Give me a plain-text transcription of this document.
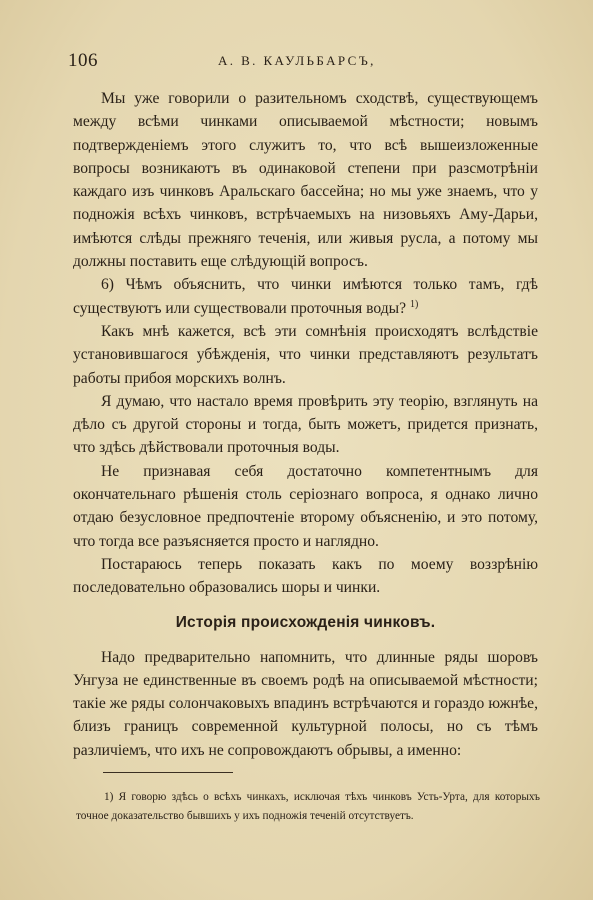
106	А. В. КАУЛЬБАРСЪ,

Мы уже говорили о разительномъ сходствѣ, существующемъ между всѣми чинками описываемой мѣстности; новымъ подтвержденіемъ этого служитъ то, что всѣ вышеизложенные вопросы возникаютъ въ одинаковой степени при разсмотрѣніи каждаго изъ чинковъ Аральскаго бассейна; но мы уже знаемъ, что у подножія всѣхъ чинковъ, встрѣчаемыхъ на низовьяхъ Аму-Дарьи, имѣются слѣды прежняго теченія, или живыя русла, а потому мы должны поставить еще слѣдующій вопросъ.

6) Чѣмъ объяснить, что чинки имѣются только тамъ, гдѣ существуютъ или существовали проточныя воды? $^{1)}$

Какъ мнѣ кажется, всѣ эти сомнѣнія происходятъ вслѣдствіе установившагося убѣжденія, что чинки представляютъ результатъ работы прибоя морскихъ волнъ.

Я думаю, что настало время провѣрить эту теорію, взглянуть на дѣло съ другой стороны и тогда, быть можетъ, придется признать, что здѣсь дѣйствовали проточныя воды.

Не признавая себя достаточно компетентнымъ для окончательнаго рѣшенія столь серіознаго вопроса, я однако лично отдаю безусловное предпочтеніе второму объясненію, и это потому, что тогда все разъясняется просто и наглядно.

Постараюсь теперь показать какъ по моему воззрѣнію последовательно образовались шоры и чинки.

Исторія происхожденія чинковъ.

Надо предварительно напомнить, что длинные ряды шоровъ Унгуза не единственные въ своемъ родѣ на описываемой мѣстности; такіе же ряды солончаковыхъ впадинъ встрѣчаются и гораздо южнѣе, близъ границъ современной культурной полосы, но съ тѣмъ различіемъ, что ихъ не сопровождаютъ обрывы, а именно:

1) Я говорю здѣсь о всѣхъ чинкахъ, исключая тѣхъ чинковъ Усть-Урта, для которыхъ точное доказательство бывшихъ у ихъ подножія теченій отсутствуетъ.
